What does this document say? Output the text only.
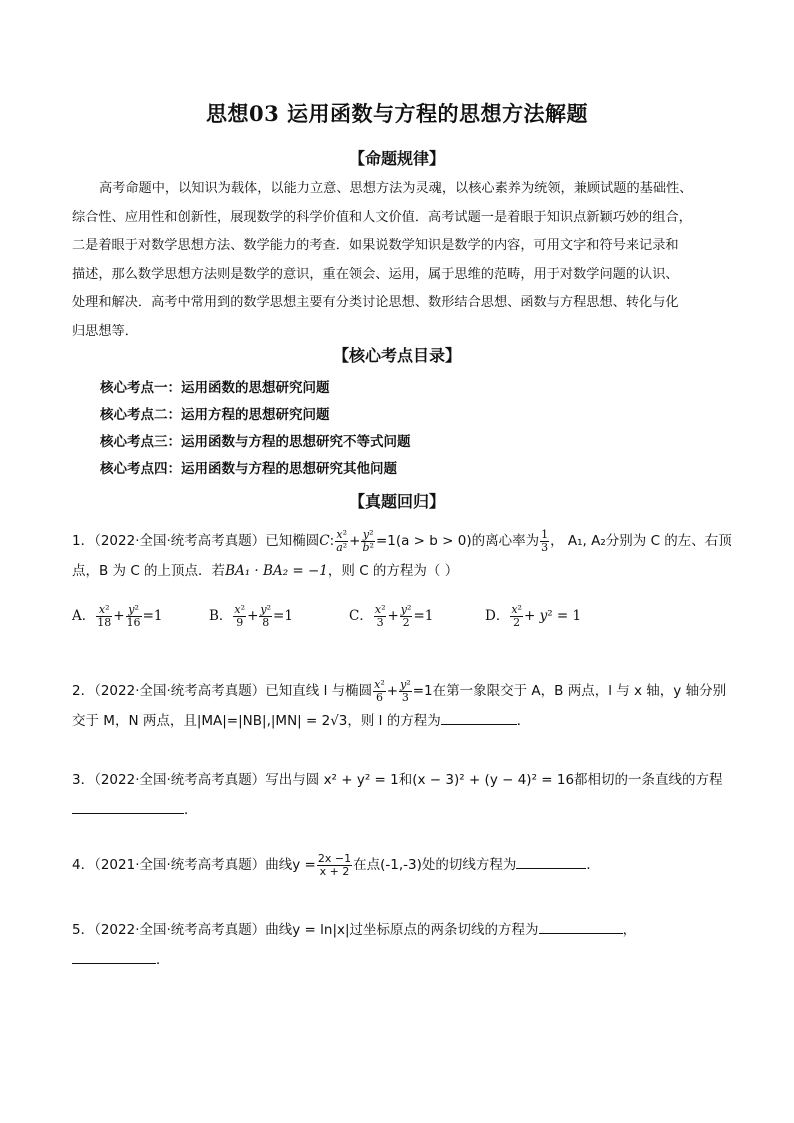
思想03 运用函数与方程的思想方法解题
【命题规律】
高考命题中，以知识为载体，以能力立意、思想方法为灵魂，以核心素养为统领，兼顾试题的基础性、
综合性、应用性和创新性，展现数学的科学价值和人文价值．高考试题一是着眼于知识点新颖巧妙的组合，
二是着眼于对数学思想方法、数学能力的考查．如果说数学知识是数学的内容，可用文字和符号来记录和
描述，那么数学思想方法则是数学的意识，重在领会、运用，属于思维的范畴，用于对数学问题的认识、
处理和解决．高考中常用到的数学思想主要有分类讨论思想、数形结合思想、函数与方程思想、转化与化
归思想等．
【核心考点目录】
核心考点一：运用函数的思想研究问题
核心考点二：运用方程的思想研究问题
核心考点三：运用函数与方程的思想研究不等式问题
核心考点四：运用函数与方程的思想研究其他问题
【真题回归】
1．（2022·全国·统考高考真题）已知椭圆C: $\frac{\text{x²}}{\text{a²}} + \frac{\text{y²}}{\text{b²}} =1(a > b > 0)$的离心率为 $\frac{1}{3}$ ， A₁, A₂分别为 C 的左、右顶
点，B 为 C 的上顶点．若BA₁ · BA₂ = −1，则 C 的方程为（ ）
A． $\frac{\text{x²}}{18} + \frac{\text{y²}}{16} =1$	B． $\frac{\text{x²}}{9} + \frac{\text{y²}}{8} =1$	C． $\frac{\text{x²}}{3} + \frac{\text{y²}}{2} =1$	D． $\frac{\text{x²}}{2} + y^2 = 1$
2．（2022·全国·统考高考真题）已知直线 l 与椭圆 $\frac{\text{x²}}{6} + \frac{\text{y²}}{3} =1$在第一象限交于 A，B 两点，l 与 x 轴，y 轴分别
交于 M，N 两点，且|MA|=|NB|,|MN| = 2√3，则 l 的方程为	．
3．（2022·全国·统考高考真题）写出与圆 x² + y² = 1和(x − 3)² + (y − 4)² = 16都相切的一条直线的方程
．
4．（2021·全国·统考高考真题）曲线$y = \frac{2x -1}{x + 2}$ 在点(-1,-3)处的切线方程为	．
5．（2022·全国·统考高考真题）曲线y = ln|x|过坐标原点的两条切线的方程为	，
．
